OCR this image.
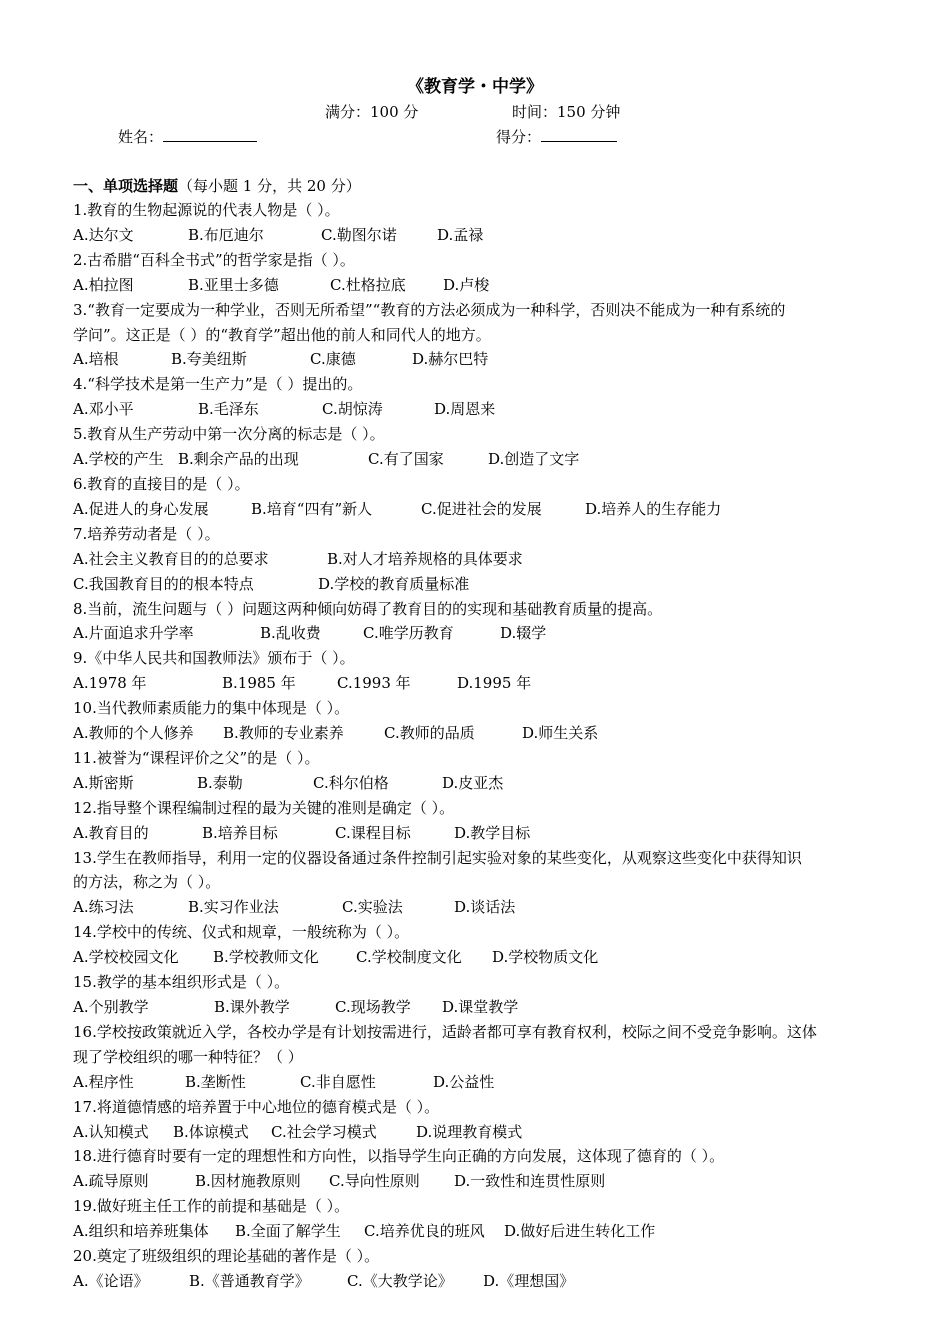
《教育学・中学》
满分：100 分	时间：150 分钟
姓名：	得分：
一、单项选择题（每小题 1 分，共 20 分）
1.教育的生物起源说的代表人物是（ ）。
A.达尔文	B.布厄迪尔	C.勒图尔诺	D.孟禄
2.古希腊“百科全书式”的哲学家是指（ ）。
A.柏拉图	B.亚里士多德	C.杜格拉底 D.卢梭
3.“教育一定要成为一种学业，否则无所希望”“教育的方法必须成为一种科学，否则决不能成为一种有系统的
学问”。这正是（ ）的“教育学”超出他的前人和同代人的地方。
A.培根	B.夸美纽斯	C.康德	D.赫尔巴特
4.“科学技术是第一生产力”是（ ）提出的。
A.邓小平	B.毛泽东	C.胡惊涛	D.周恩来
5.教育从生产劳动中第一次分离的标志是（ ）。
A.学校的产生 B.剩余产品的出现	C.有了国家	D.创造了文字
6.教育的直接目的是（ ）。
A.促进人的身心发展	B.培育“四有”新人	C.促进社会的发展	D.培养人的生存能力
7.培养劳动者是（ ）。
A.社会主义教育目的的总要求	B.对人才培养规格的具体要求
C.我国教育目的的根本特点	D.学校的教育质量标准
8.当前，流生问题与（ ）问题这两种倾向妨碍了教育目的的实现和基础教育质量的提高。
A.片面追求升学率	B.乱收费	C.唯学历教育	D.辍学
9.《中华人民共和国教师法》颁布于（ ）。
A.1978 年	B.1985 年	C.1993 年	D.1995 年
10.当代教师素质能力的集中体现是（ ）。
A.教师的个人修养 B.教师的专业素养	C.教师的品质	D.师生关系
11.被誉为“课程评价之父”的是（ ）。
A.斯密斯	B.泰勒	C.科尔伯格	D.皮亚杰
12.指导整个课程编制过程的最为关键的准则是确定（ ）。
A.教育目的	B.培养目标	C.课程目标	D.教学目标
13.学生在教师指导，利用一定的仪器设备通过条件控制引起实验对象的某些变化，从观察这些变化中获得知识
的方法，称之为（ ）。
A.练习法	B.实习作业法	C.实验法	D.谈话法
14.学校中的传统、仪式和规章，一般统称为（ ）。
A.学校校园文化 B.学校教师文化 C.学校制度文化 D.学校物质文化
15.教学的基本组织形式是（ ）。
A.个别教学	B.课外教学	C.现场教学 D.课堂教学
16.学校按政策就近入学，各校办学是有计划按需进行，适龄者都可享有教育权利，校际之间不受竞争影响。这体
现了学校组织的哪一种特征？（ ）
A.程序性	B.垄断性	C.非自愿性	D.公益性
17.将道德情感的培养置于中心地位的德育模式是（ ）。
A.认知模式 B.体谅模式 C.社会学习模式	D.说理教育模式
18.进行德育时要有一定的理想性和方向性，以指导学生向正确的方向发展，这体现了德育的（ ）。
A.疏导原则	B.因材施教原则 C.导向性原则 D.一致性和连贯性原则
19.做好班主任工作的前提和基础是（ ）。
A.组织和培养班集体 B.全面了解学生 C.培养优良的班风 D.做好后进生转化工作
20.奠定了班级组织的理论基础的著作是（ ）。
A.《论语》	B.《普通教育学》 C.《大教学论》 D.《理想国》
